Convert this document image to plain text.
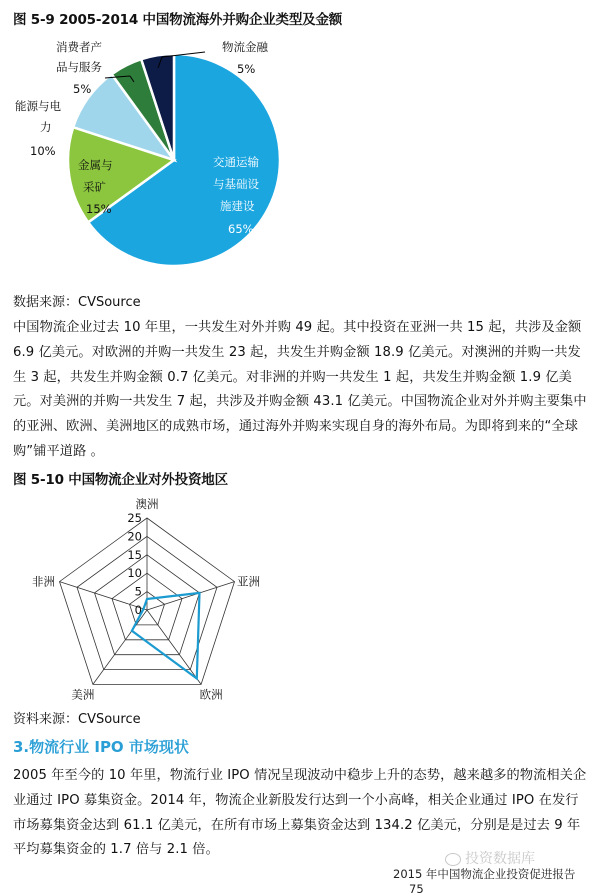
图 5-9 2005-2014 中国物流海外并购企业类型及金额
消费者产
品与服务
5%
物流金融
5%
能源与电
力
10%
金属与
采矿
15%
交通运输
与基础设
施建设
65%
数据来源：CVSource
中国物流企业过去 10 年里，一共发生对外并购 49 起。其中投资在亚洲一共 15 起，共涉及金额 6.9 亿美元。对欧洲的并购一共发生 23 起，共发生并购金额 18.9 亿美元。对澳洲的并购一共发生 3 起，共发生并购金额 0.7 亿美元。对非洲的并购一共发生 1 起，共发生并购金额 1.9 亿美元。对美洲的并购一共发生 7 起，共涉及并购金额 43.1 亿美元。中国物流企业对外并购主要集中的亚洲、欧洲、美洲地区的成熟市场，通过海外并购来实现自身的海外布局。为即将到来的“全球购”铺平道路 。
图 5-10 中国物流企业对外投资地区
0
5
10
15
20
25
澳洲
亚洲
欧洲
美洲
非洲
资料来源：CVSource
3.物流行业 IPO 市场现状
2005 年至今的 10 年里，物流行业 IPO 情况呈现波动中稳步上升的态势，越来越多的物流相关企业通过 IPO 募集资金。2014 年，物流企业新股发行达到一个小高峰，相关企业通过 IPO 在发行市场募集资金达到 61.1 亿美元，在所有市场上募集资金达到 134.2 亿美元，分别是是过去 9 年平均募集资金的 1.7 倍与 2.1 倍。
投资数据库
2015 年中国物流企业投资促进报告 75
